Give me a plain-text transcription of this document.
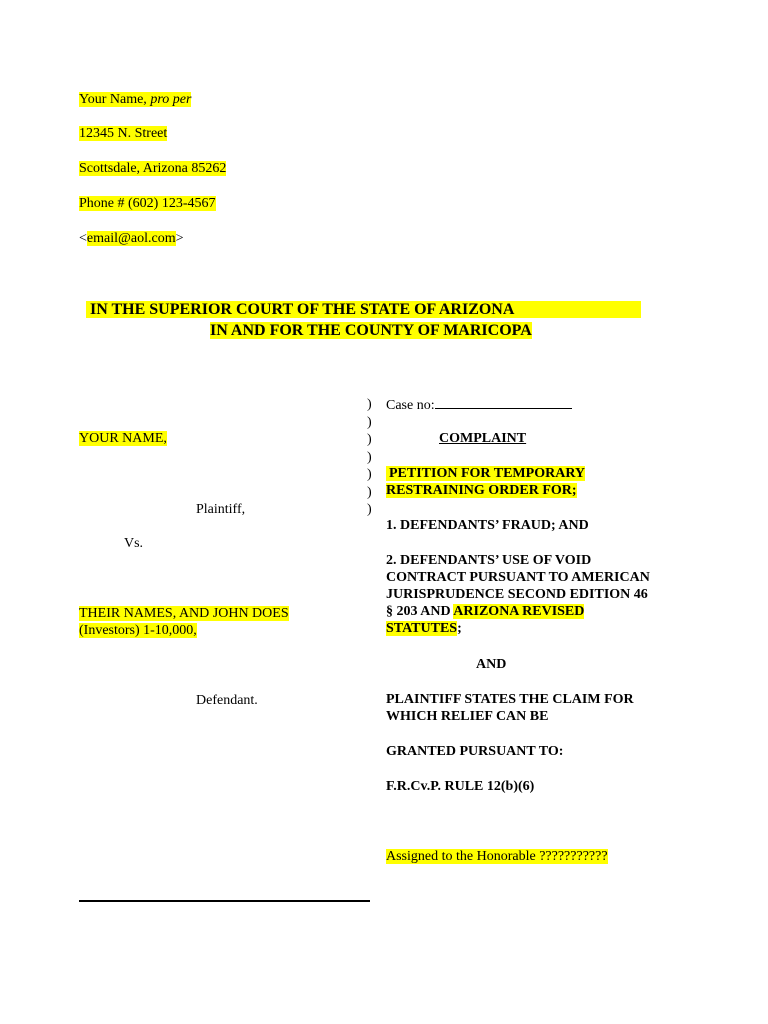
Your Name, pro per
12345 N. Street
Scottsdale, Arizona 85262
Phone # (602) 123-4567
<email@aol.com>
IN THE SUPERIOR COURT OF THE STATE OF ARIZONA
IN AND FOR THE COUNTY OF MARICOPA
YOUR NAME,
Plaintiff,
Vs.
THEIR NAMES, AND JOHN DOES
(Investors) 1-10,000,
Defendant.
)
)
)
)
)
)
)
Case no:
COMPLAINT
PETITION FOR TEMPORARY
RESTRAINING ORDER FOR;
1. DEFENDANTS’ FRAUD; AND
2. DEFENDANTS’ USE OF VOID
CONTRACT PURSUANT TO AMERICAN
JURISPRUDENCE SECOND EDITION 46
§ 203 AND ARIZONA REVISED
STATUTES;
AND
PLAINTIFF STATES THE CLAIM FOR
WHICH RELIEF CAN BE
GRANTED PURSUANT TO:
F.R.Cv.P. RULE 12(b)(6)
Assigned to the Honorable ???????????
